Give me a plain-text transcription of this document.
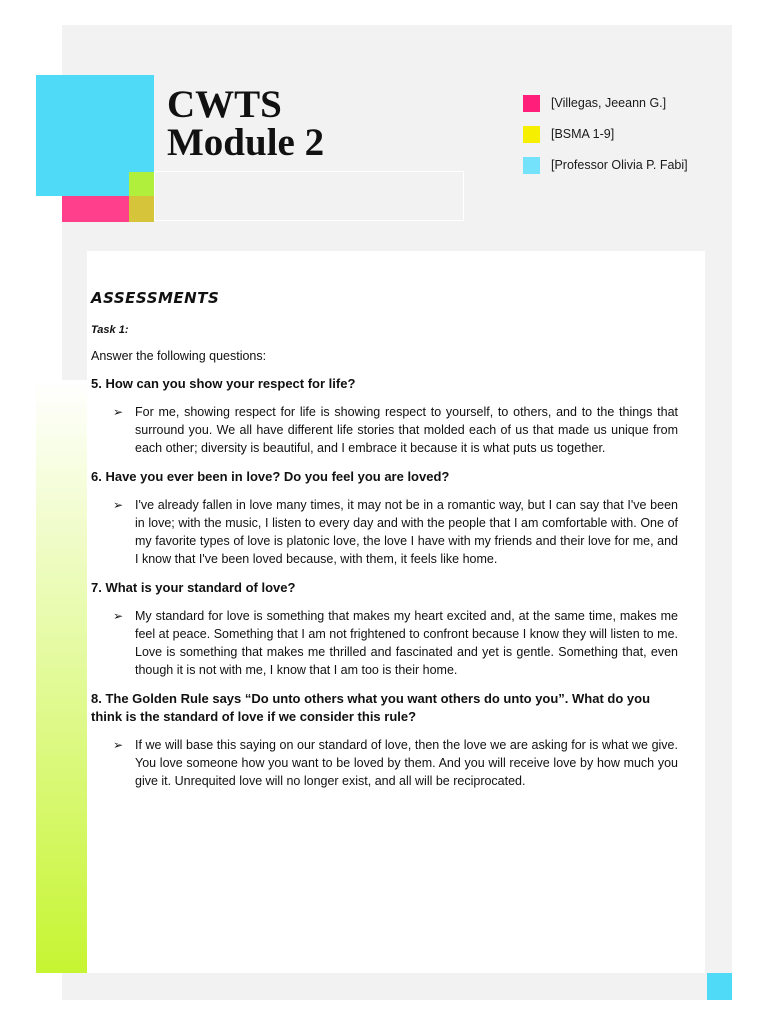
CWTS
Module 2
[Villegas, Jeeann G.]
[BSMA 1-9]
[Professor Olivia P. Fabi]
ASSESSMENTS
Task 1:
Answer the following questions:
5. How can you show your respect for life?
➢ For me, showing respect for life is showing respect to yourself, to others, and to the things that surround you. We all have different life stories that molded each of us that made us unique from each other; diversity is beautiful, and I embrace it because it is what puts us together.
6. Have you ever been in love? Do you feel you are loved?
➢ I've already fallen in love many times, it may not be in a romantic way, but I can say that I've been in love; with the music, I listen to every day and with the people that I am comfortable with. One of my favorite types of love is platonic love, the love I have with my friends and their love for me, and I know that I've been loved because, with them, it feels like home.
7. What is your standard of love?
➢ My standard for love is something that makes my heart excited and, at the same time, makes me feel at peace. Something that I am not frightened to confront because I know they will listen to me. Love is something that makes me thrilled and fascinated and yet is gentle. Something that, even though it is not with me, I know that I am too is their home.
8. The Golden Rule says “Do unto others what you want others do unto you”. What do you think is the standard of love if we consider this rule?
➢ If we will base this saying on our standard of love, then the love we are asking for is what we give. You love someone how you want to be loved by them. And you will receive love by how much you give it. Unrequited love will no longer exist, and all will be reciprocated.
